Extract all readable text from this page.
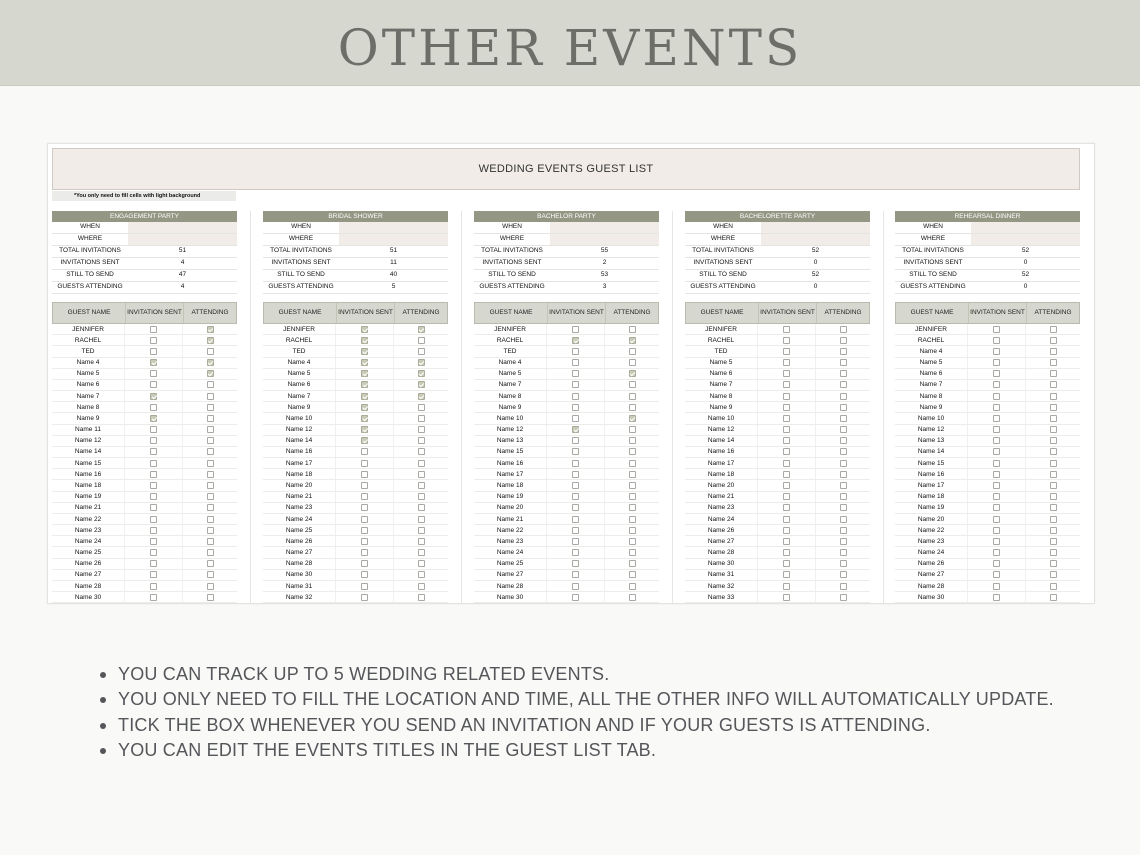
OTHER EVENTS
WEDDING EVENTS GUEST LIST
*You only need to fill cells with light background
ENGAGEMENT PARTY
WHEN
WHERE
TOTAL INVITATIONS	51
INVITATIONS SENT	4
STILL TO SEND	47
GUESTS ATTENDING	4
GUEST NAME	INVITATION SENT	ATTENDING
JENNIFER
RACHEL
TED
Name 4
Name 5
Name 6
Name 7
Name 8
Name 9
Name 11
Name 12
Name 14
Name 15
Name 16
Name 18
Name 19
Name 21
Name 22
Name 23
Name 24
Name 25
Name 26
Name 27
Name 28
Name 30
BRIDAL SHOWER
WHEN
WHERE
TOTAL INVITATIONS	51
INVITATIONS SENT	11
STILL TO SEND	40
GUESTS ATTENDING	5
GUEST NAME	INVITATION SENT	ATTENDING
JENNIFER
RACHEL
TED
Name 4
Name 5
Name 6
Name 7
Name 9
Name 10
Name 12
Name 14
Name 16
Name 17
Name 18
Name 20
Name 21
Name 23
Name 24
Name 25
Name 26
Name 27
Name 28
Name 30
Name 31
Name 32
BACHELOR PARTY
WHEN
WHERE
TOTAL INVITATIONS	55
INVITATIONS SENT	2
STILL TO SEND	53
GUESTS ATTENDING	3
GUEST NAME	INVITATION SENT	ATTENDING
JENNIFER
RACHEL
TED
Name 4
Name 5
Name 7
Name 8
Name 9
Name 10
Name 12
Name 13
Name 15
Name 16
Name 17
Name 18
Name 19
Name 20
Name 21
Name 22
Name 23
Name 24
Name 25
Name 27
Name 28
Name 30
BACHELORETTE PARTY
WHEN
WHERE
TOTAL INVITATIONS	52
INVITATIONS SENT	0
STILL TO SEND	52
GUESTS ATTENDING	0
GUEST NAME	INVITATION SENT	ATTENDING
JENNIFER
RACHEL
TED
Name 5
Name 6
Name 7
Name 8
Name 9
Name 10
Name 12
Name 14
Name 16
Name 17
Name 18
Name 20
Name 21
Name 23
Name 24
Name 26
Name 27
Name 28
Name 30
Name 31
Name 32
Name 33
REHEARSAL DINNER
WHEN
WHERE
TOTAL INVITATIONS	52
INVITATIONS SENT	0
STILL TO SEND	52
GUESTS ATTENDING	0
GUEST NAME	INVITATION SENT	ATTENDING
JENNIFER
RACHEL
Name 4
Name 5
Name 6
Name 7
Name 8
Name 9
Name 10
Name 12
Name 13
Name 14
Name 15
Name 16
Name 17
Name 18
Name 19
Name 20
Name 22
Name 23
Name 24
Name 26
Name 27
Name 28
Name 30
YOU CAN TRACK UP TO 5 WEDDING RELATED EVENTS.
YOU ONLY NEED TO FILL THE LOCATION AND TIME, ALL THE OTHER INFO WILL AUTOMATICALLY UPDATE.
TICK THE BOX WHENEVER YOU SEND AN INVITATION AND IF YOUR GUESTS IS ATTENDING.
YOU CAN EDIT THE EVENTS TITLES IN THE GUEST LIST TAB.
